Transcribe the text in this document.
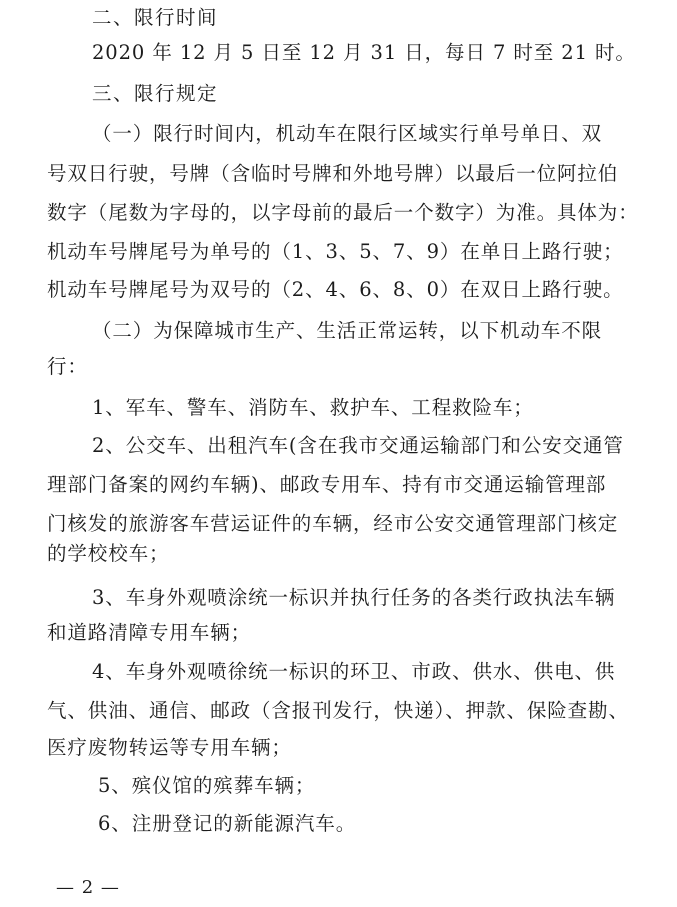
二、限行时间

2020 年 12 月 5 日至 12 月 31 日，每日 7 时至 21 时。

三、限行规定

（一）限行时间内，机动车在限行区域实行单号单日、双

号双日行驶，号牌（含临时号牌和外地号牌）以最后一位阿拉伯

数字（尾数为字母的，以字母前的最后一个数字）为准。具体为：

机动车号牌尾号为单号的（1、3、5、7、9）在单日上路行驶；

机动车号牌尾号为双号的（2、4、6、8、0）在双日上路行驶。

（二）为保障城市生产、生活正常运转，以下机动车不限

行：

1、军车、警车、消防车、救护车、工程救险车；

2、公交车、出租汽车(含在我市交通运输部门和公安交通管

理部门备案的网约车辆)、邮政专用车、持有市交通运输管理部

门核发的旅游客车营运证件的车辆，经市公安交通管理部门核定

的学校校车；

3、车身外观喷涂统一标识并执行任务的各类行政执法车辆

和道路清障专用车辆；

4、车身外观喷徐统一标识的环卫、市政、供水、供电、供

气、供油、通信、邮政（含报刊发行，快递）、押款、保险查勘、

医疗废物转运等专用车辆；

5、殡仪馆的殡葬车辆；

6、注册登记的新能源汽车。

— 2 —
